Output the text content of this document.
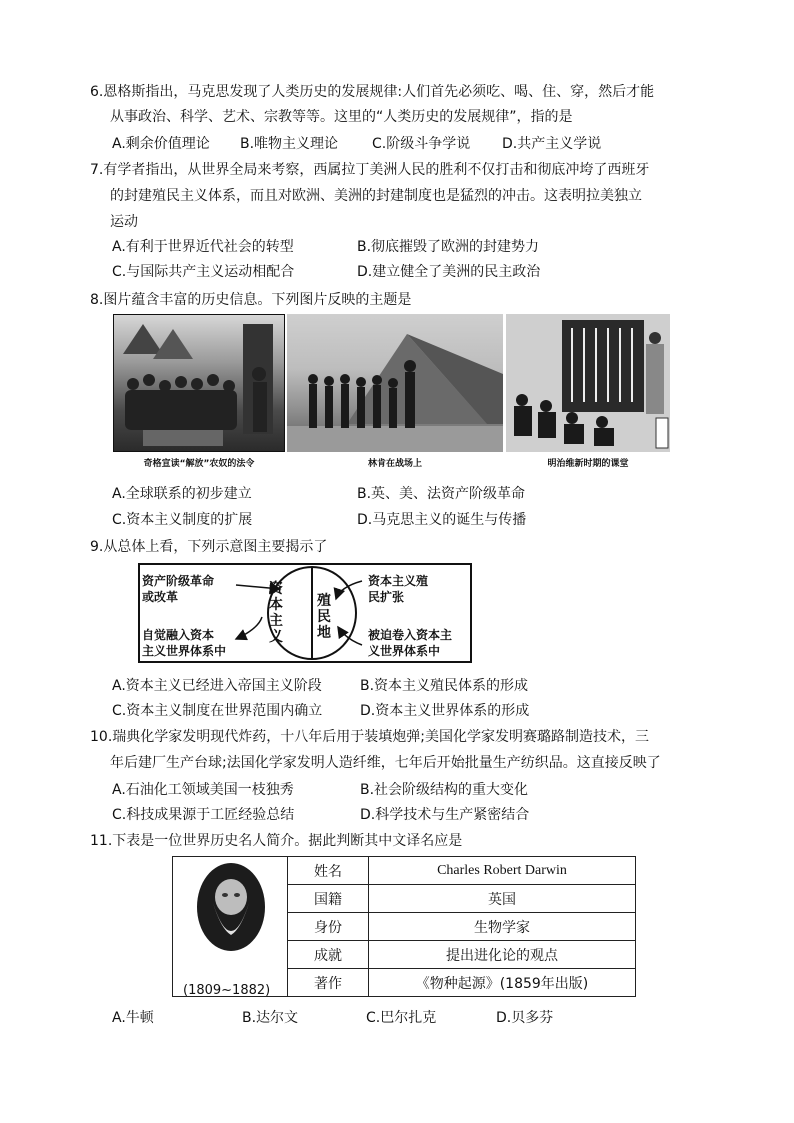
6.恩格斯指出，马克思发现了人类历史的发展规律:人们首先必须吃、喝、住、穿，然后才能
从事政治、科学、艺术、宗教等等。这里的“人类历史的发展规律”，指的是
A.剩余价值理论 B.唯物主义理论 C.阶级斗争学说 D.共产主义学说
7.有学者指出，从世界全局来考察，西属拉丁美洲人民的胜利不仅打击和彻底冲垮了西班牙
的封建殖民主义体系，而且对欧洲、美洲的封建制度也是猛烈的冲击。这表明拉美独立
运动
A.有利于世界近代社会的转型	B.彻底摧毁了欧洲的封建势力
C.与国际共产主义运动相配合	D.建立健全了美洲的民主政治
8.图片蕴含丰富的历史信息。下列图片反映的主题是
奇格宣读“解放”农奴的法令	林肯在战场上	明治维新时期的课堂
A.全球联系的初步建立	B.英、美、法资产阶级革命
C.资本主义制度的扩展	D.马克思主义的诞生与传播
9.从总体上看，下列示意图主要揭示了
资产阶级革命
或改革
自觉融入资本
主义世界体系中
资
本
主
义
殖
民
地
资本主义殖
民扩张
被迫卷入资本主
义世界体系中
A.资本主义已经进入帝国主义阶段	B.资本主义殖民体系的形成
C.资本主义制度在世界范围内确立	D.资本主义世界体系的形成
10.瑞典化学家发明现代炸药，十八年后用于装填炮弹;美国化学家发明赛璐路制造技术，三
年后建厂生产台球;法国化学家发明人造纤维，七年后开始批量生产纺织品。这直接反映了
A.石油化工领域美国一枝独秀	B.社会阶级结构的重大变化
C.科技成果源于工匠经验总结	D.科学技术与生产紧密结合
11.下表是一位世界历史名人简介。据此判断其中文译名应是
(1809~1882)	姓名	Charles Robert Darwin
	国籍	英国
	身份	生物学家
	成就	提出进化论的观点
	著作	《物种起源》(1859年出版)
A.牛顿	B.达尔文	C.巴尔扎克	D.贝多芬
